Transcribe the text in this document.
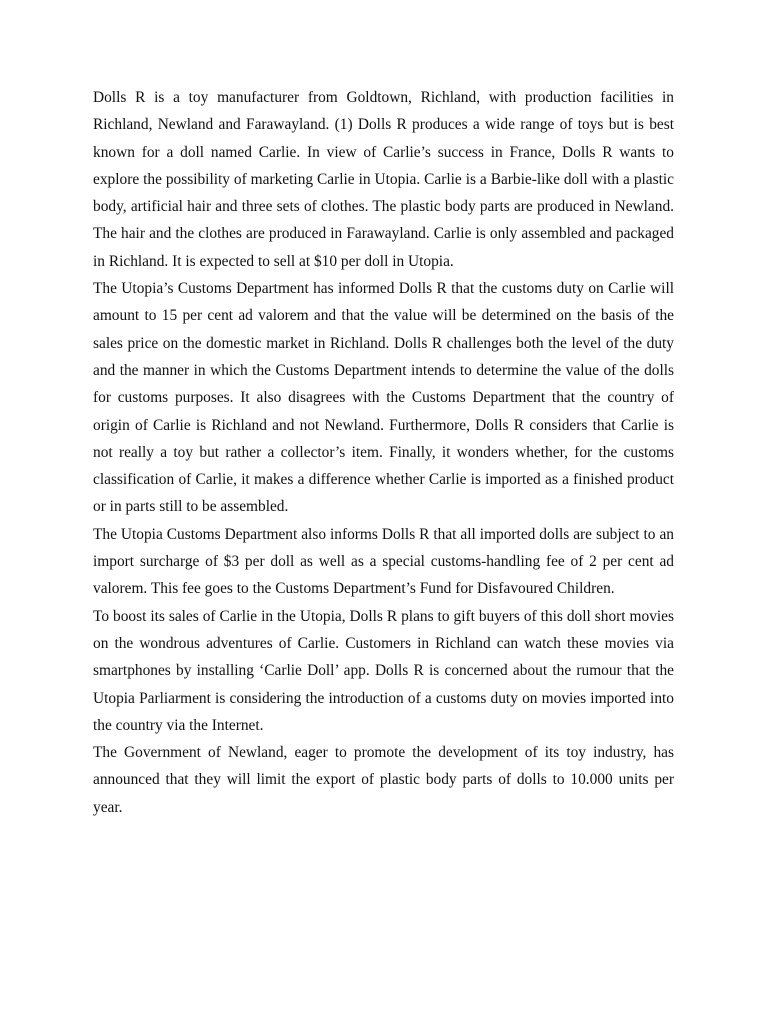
Dolls R is a toy manufacturer from Goldtown, Richland, with production facilities in Richland, Newland and Farawayland. (1) Dolls R produces a wide range of toys but is best known for a doll named Carlie. In view of Carlie’s success in France, Dolls R wants to explore the possibility of marketing Carlie in Utopia. Carlie is a Barbie-like doll with a plastic body, artificial hair and three sets of clothes. The plastic body parts are produced in Newland. The hair and the clothes are produced in Farawayland. Carlie is only assembled and packaged in Richland. It is expected to sell at $10 per doll in Utopia.

The Utopia’s Customs Department has informed Dolls R that the customs duty on Carlie will amount to 15 per cent ad valorem and that the value will be determined on the basis of the sales price on the domestic market in Richland. Dolls R challenges both the level of the duty and the manner in which the Customs Department intends to determine the value of the dolls for customs purposes. It also disagrees with the Customs Department that the country of origin of Carlie is Richland and not Newland. Furthermore, Dolls R considers that Carlie is not really a toy but rather a collector’s item. Finally, it wonders whether, for the customs classification of Carlie, it makes a difference whether Carlie is imported as a finished product or in parts still to be assembled.

The Utopia Customs Department also informs Dolls R that all imported dolls are subject to an import surcharge of $3 per doll as well as a special customs-handling fee of 2 per cent ad valorem. This fee goes to the Customs Department’s Fund for Disfavoured Children.

To boost its sales of Carlie in the Utopia, Dolls R plans to gift buyers of this doll short movies on the wondrous adventures of Carlie. Customers in Richland can watch these movies via smartphones by installing ‘Carlie Doll’ app. Dolls R is concerned about the rumour that the Utopia Parliarment is considering the introduction of a customs duty on movies imported into the country via the Internet.

The Government of Newland, eager to promote the development of its toy industry, has announced that they will limit the export of plastic body parts of dolls to 10.000 units per year.
